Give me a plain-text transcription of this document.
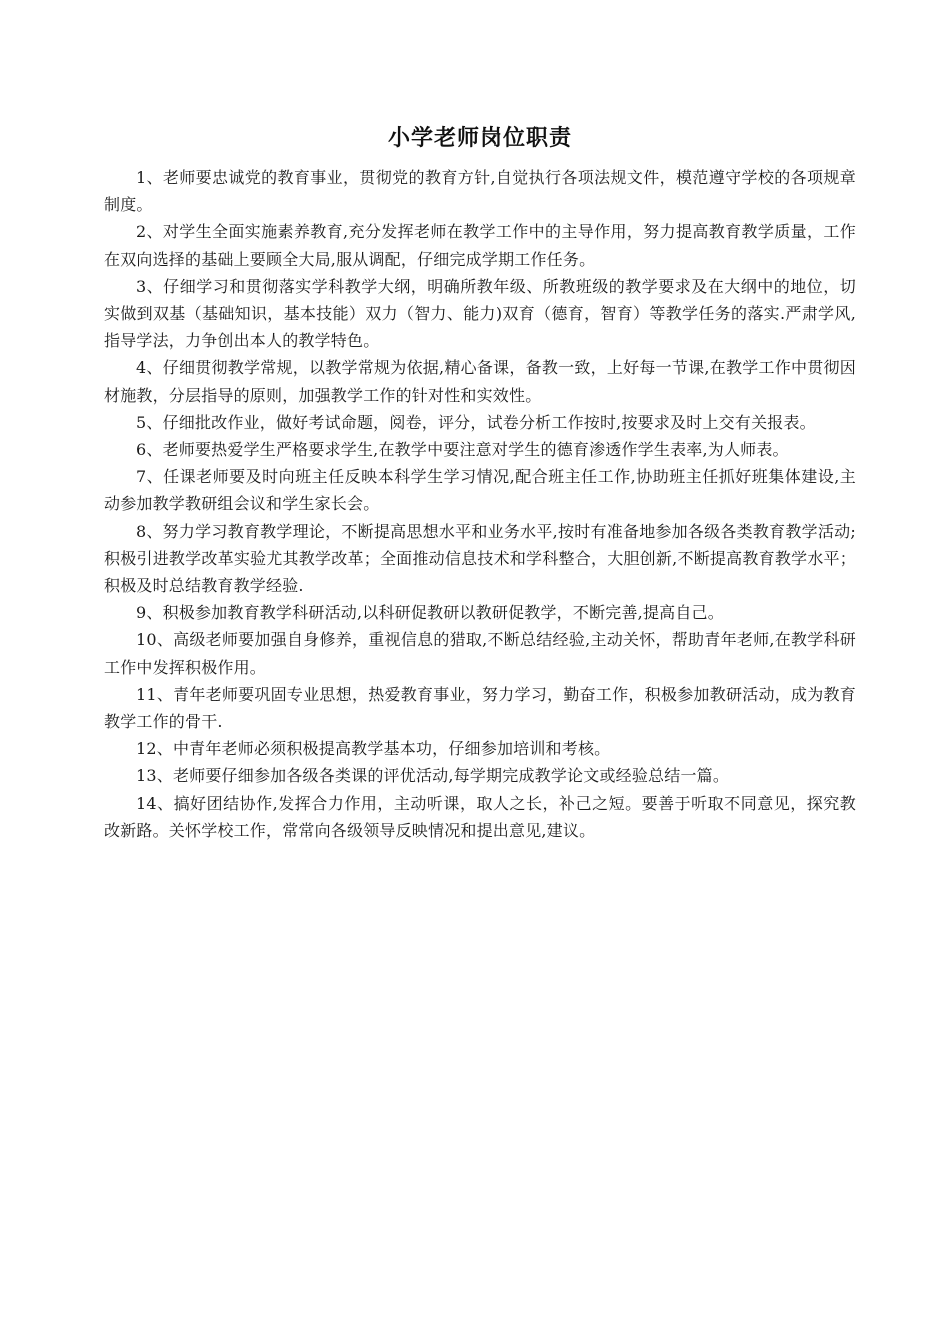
小学老师岗位职责

1、老师要忠诚党的教育事业，贯彻党的教育方针,自觉执行各项法规文件，模范遵守学校的各项规章制度。

2、对学生全面实施素养教育,充分发挥老师在教学工作中的主导作用，努力提高教育教学质量，工作在双向选择的基础上要顾全大局,服从调配，仔细完成学期工作任务。

3、仔细学习和贯彻落实学科教学大纲，明确所教年级、所教班级的教学要求及在大纲中的地位，切实做到双基（基础知识，基本技能）双力（智力、能力)双育（德育，智育）等教学任务的落实.严肃学风,指导学法，力争创出本人的教学特色。

4、仔细贯彻教学常规，以教学常规为依据,精心备课，备教一致，上好每一节课,在教学工作中贯彻因材施教，分层指导的原则，加强教学工作的针对性和实效性。

5、仔细批改作业，做好考试命题，阅卷，评分，试卷分析工作按时,按要求及时上交有关报表。

6、老师要热爱学生严格要求学生,在教学中要注意对学生的德育渗透作学生表率,为人师表。

7、任课老师要及时向班主任反映本科学生学习情况,配合班主任工作,协助班主任抓好班集体建设,主动参加教学教研组会议和学生家长会。

8、努力学习教育教学理论，不断提高思想水平和业务水平,按时有准备地参加各级各类教育教学活动;积极引进教学改革实验尤其教学改革；全面推动信息技术和学科整合，大胆创新,不断提高教育教学水平；积极及时总结教育教学经验.

9、积极参加教育教学科研活动,以科研促教研以教研促教学，不断完善,提高自己。

10、高级老师要加强自身修养，重视信息的猎取,不断总结经验,主动关怀，帮助青年老师,在教学科研工作中发挥积极作用。

11、青年老师要巩固专业思想，热爱教育事业，努力学习，勤奋工作，积极参加教研活动，成为教育教学工作的骨干.

12、中青年老师必须积极提高教学基本功，仔细参加培训和考核。

13、老师要仔细参加各级各类课的评优活动,每学期完成教学论文或经验总结一篇。

14、搞好团结协作,发挥合力作用，主动听课，取人之长，补己之短。要善于听取不同意见，探究教改新路。关怀学校工作，常常向各级领导反映情况和提出意见,建议。
